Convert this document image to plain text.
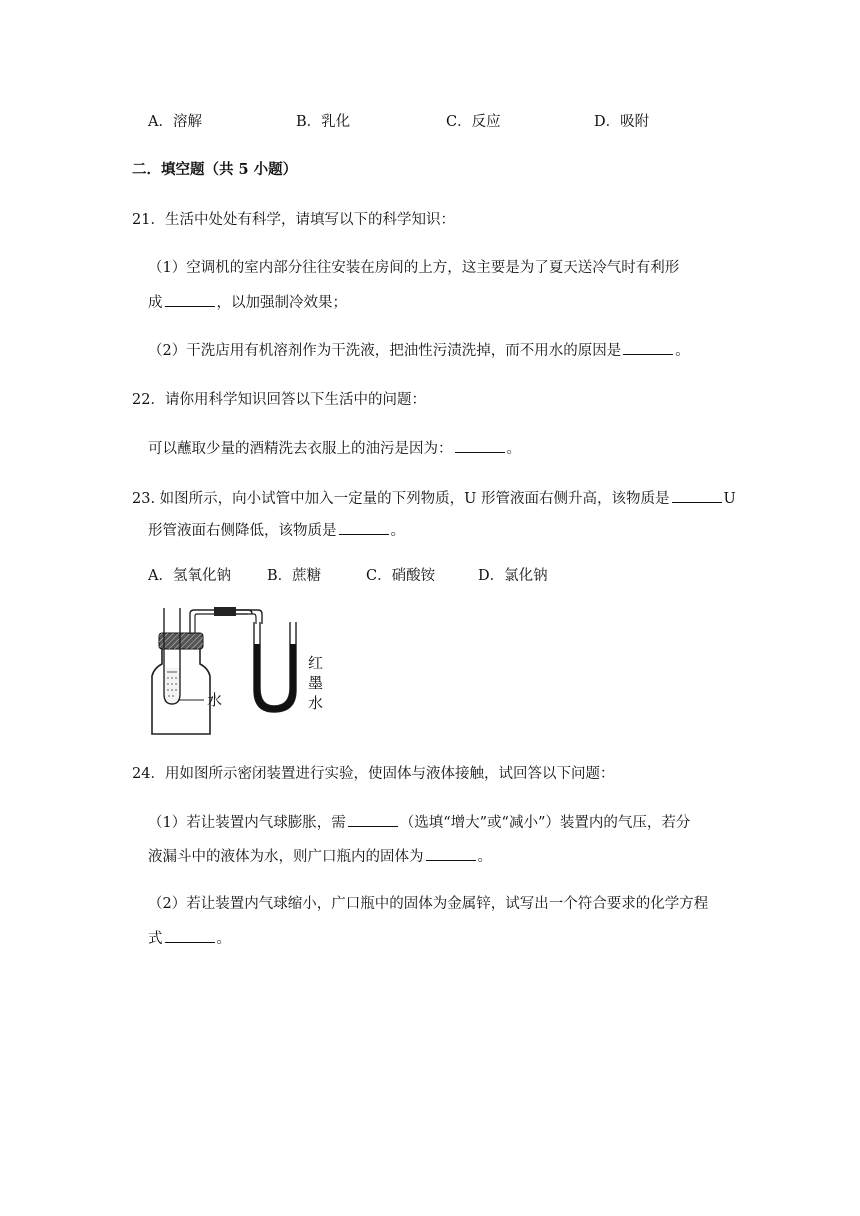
A．溶解	B．乳化	C．反应	D．吸附
二．填空题（共 5 小题）
21．生活中处处有科学，请填写以下的科学知识：
（1）空调机的室内部分往往安装在房间的上方，这主要是为了夏天送冷气时有利形
成	，以加强制冷效果；
（2）干洗店用有机溶剂作为干洗液，把油性污渍洗掉，而不用水的原因是	。
22．请你用科学知识回答以下生活中的问题：
可以蘸取少量的酒精洗去衣服上的油污是因为：	。
23. 如图所示，向小试管中加入一定量的下列物质，U 形管液面右侧升高，该物质是	U
形管液面右侧降低，该物质是	。
A．氢氧化钠 B．蔗糖	C．硝酸铵	D．氯化钠
水
红
墨
水
24．用如图所示密闭装置进行实验，使固体与液体接触，试回答以下问题：
（1）若让装置内气球膨胀，需	（选填“增大”或“减小”）装置内的气压，若分
液漏斗中的液体为水，则广口瓶内的固体为	。
（2）若让装置内气球缩小，广口瓶中的固体为金属锌，试写出一个符合要求的化学方程
式	。
